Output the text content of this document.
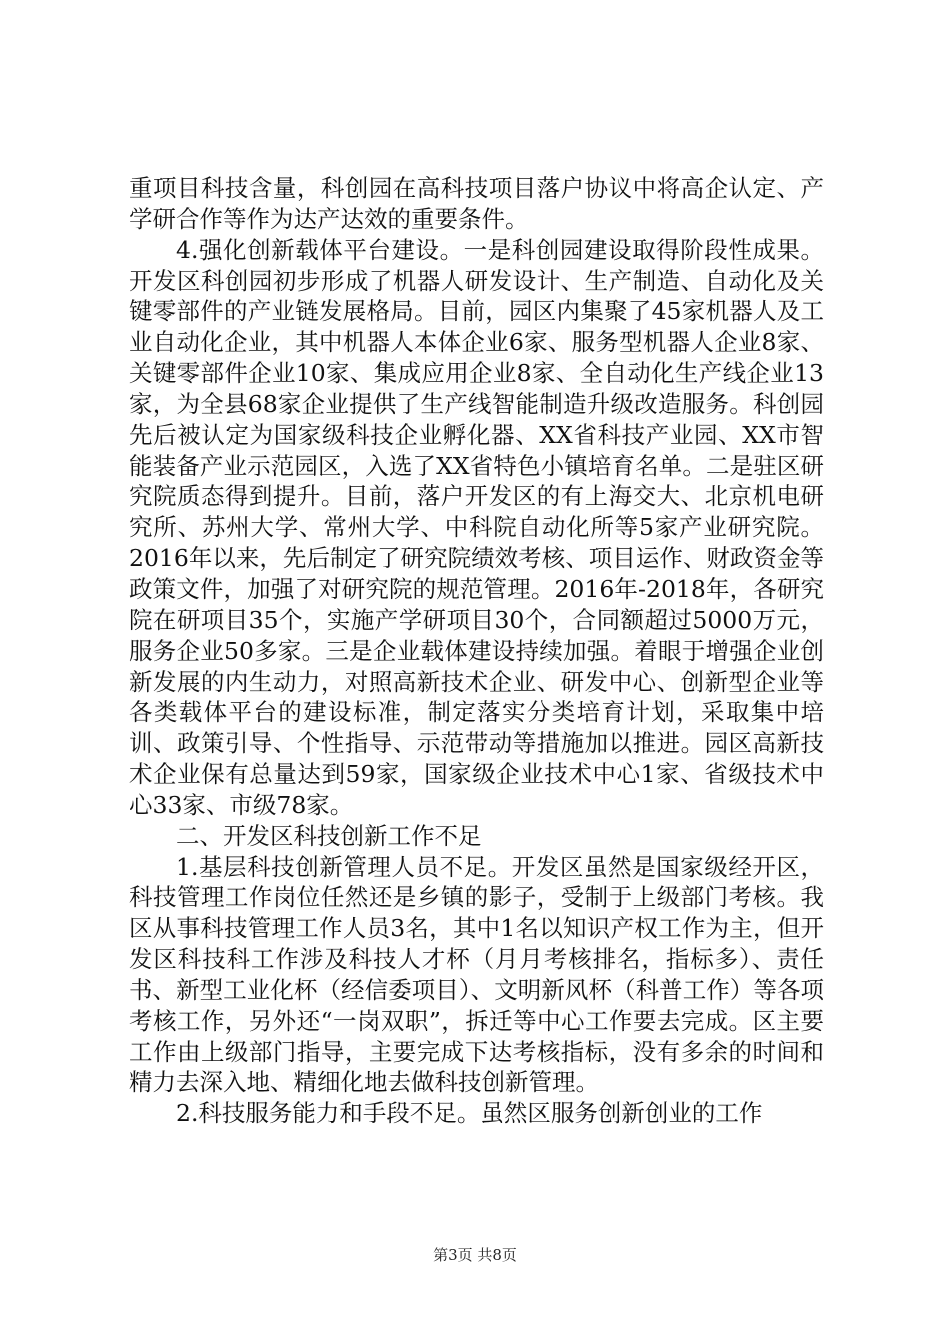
重项目科技含量，科创园在高科技项目落户协议中将高企认定、产学研合作等作为达产达效的重要条件。

4.强化创新载体平台建设。一是科创园建设取得阶段性成果。开发区科创园初步形成了机器人研发设计、生产制造、自动化及关键零部件的产业链发展格局。目前，园区内集聚了45家机器人及工业自动化企业，其中机器人本体企业6家、服务型机器人企业8家、关键零部件企业10家、集成应用企业8家、全自动化生产线企业13家，为全县68家企业提供了生产线智能制造升级改造服务。科创园先后被认定为国家级科技企业孵化器、XX省科技产业园、XX市智能装备产业示范园区，入选了XX省特色小镇培育名单。二是驻区研究院质态得到提升。目前，落户开发区的有上海交大、北京机电研究所、苏州大学、常州大学、中科院自动化所等5家产业研究院。2016年以来，先后制定了研究院绩效考核、项目运作、财政资金等政策文件，加强了对研究院的规范管理。2016年-2018年，各研究院在研项目35个，实施产学研项目30个，合同额超过5000万元，服务企业50多家。三是企业载体建设持续加强。着眼于增强企业创新发展的内生动力，对照高新技术企业、研发中心、创新型企业等各类载体平台的建设标准，制定落实分类培育计划，采取集中培训、政策引导、个性指导、示范带动等措施加以推进。园区高新技术企业保有总量达到59家，国家级企业技术中心1家、省级技术中心33家、市级78家。

二、开发区科技创新工作不足

1.基层科技创新管理人员不足。开发区虽然是国家级经开区，科技管理工作岗位任然还是乡镇的影子，受制于上级部门考核。我区从事科技管理工作人员3名，其中1名以知识产权工作为主，但开发区科技科工作涉及科技人才杯（月月考核排名，指标多）、责任书、新型工业化杯（经信委项目）、文明新风杯（科普工作）等各项考核工作，另外还“一岗双职”，拆迁等中心工作要去完成。区主要工作由上级部门指导，主要完成下达考核指标，没有多余的时间和精力去深入地、精细化地去做科技创新管理。

2.科技服务能力和手段不足。虽然区服务创新创业的工作

第3页 共8页
